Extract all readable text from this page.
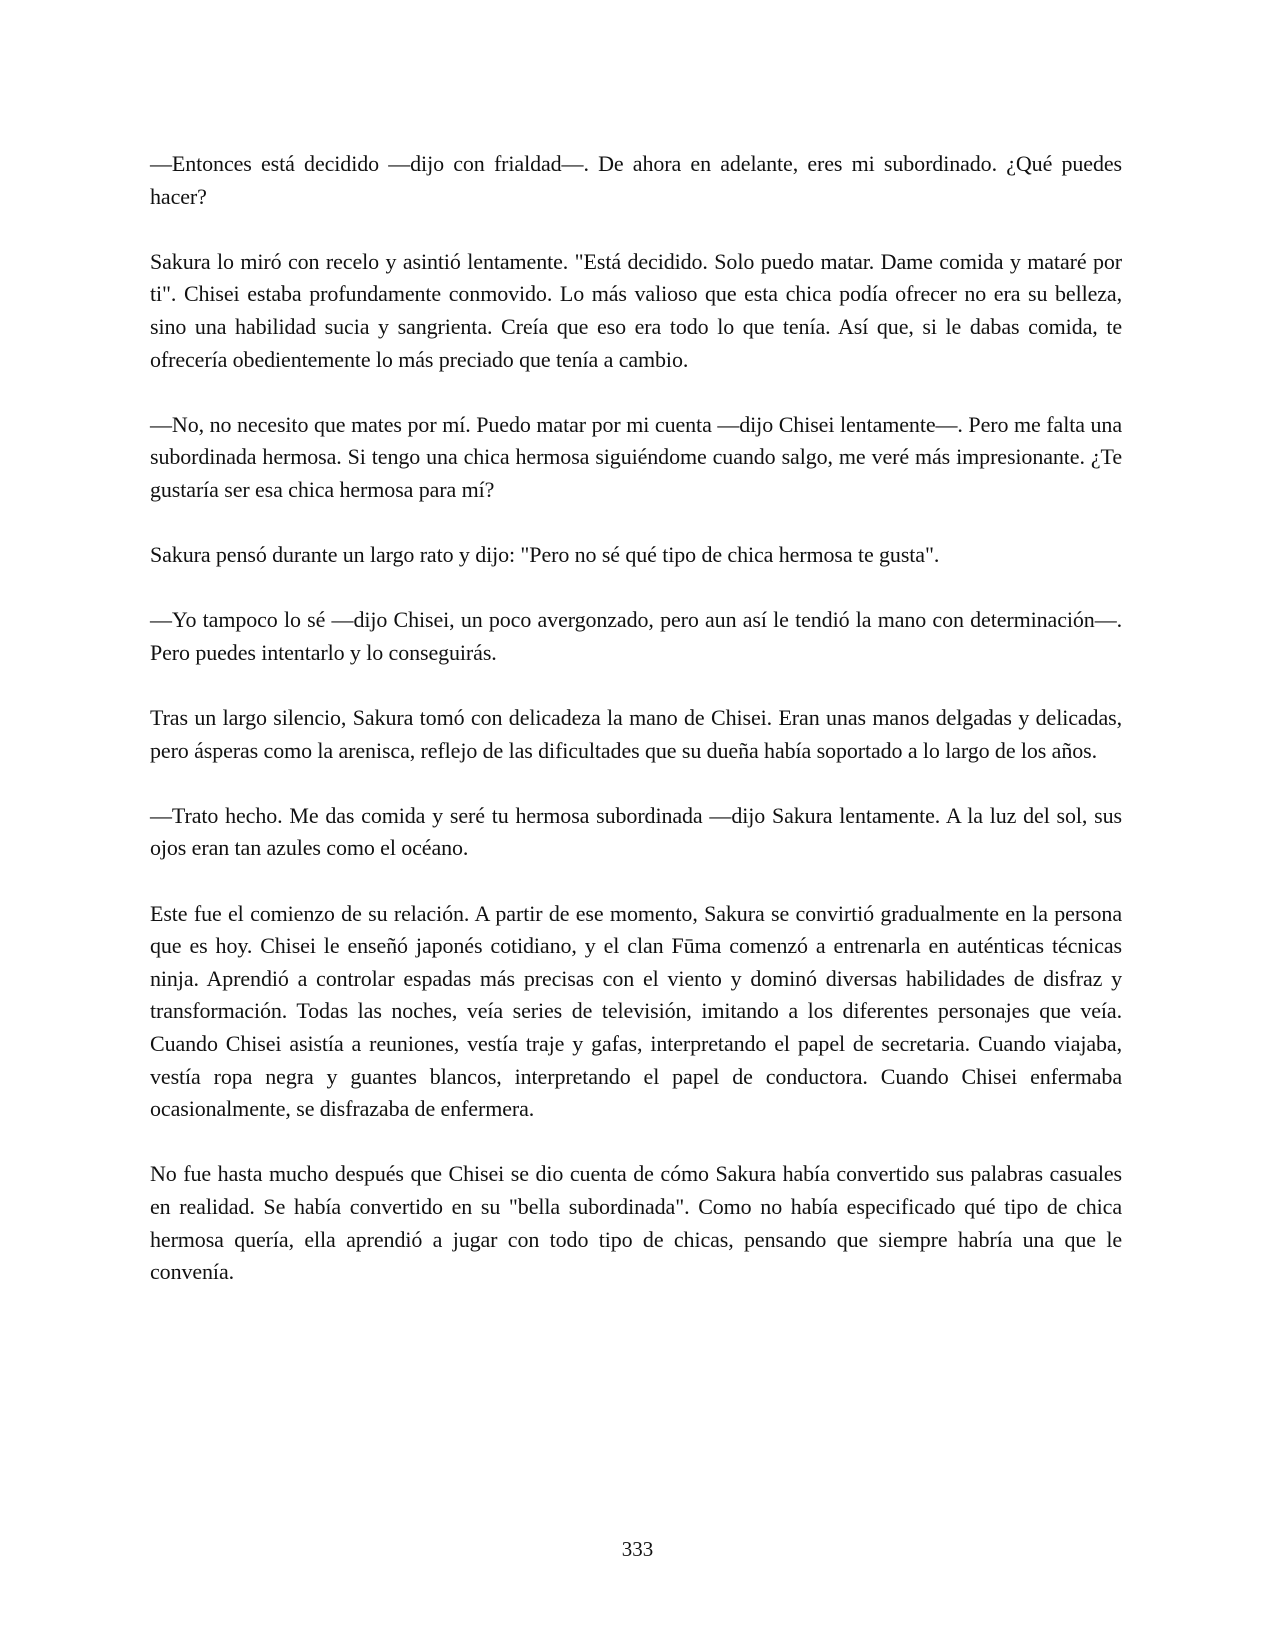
—Entonces está decidido —dijo con frialdad—. De ahora en adelante, eres mi subordinado. ¿Qué puedes hacer?

Sakura lo miró con recelo y asintió lentamente. "Está decidido. Solo puedo matar. Dame comida y mataré por ti". Chisei estaba profundamente conmovido. Lo más valioso que esta chica podía ofrecer no era su belleza, sino una habilidad sucia y sangrienta. Creía que eso era todo lo que tenía. Así que, si le dabas comida, te ofrecería obedientemente lo más preciado que tenía a cambio.

—No, no necesito que mates por mí. Puedo matar por mi cuenta —dijo Chisei lentamente—. Pero me falta una subordinada hermosa. Si tengo una chica hermosa siguiéndome cuando salgo, me veré más impresionante. ¿Te gustaría ser esa chica hermosa para mí?

Sakura pensó durante un largo rato y dijo: "Pero no sé qué tipo de chica hermosa te gusta".

—Yo tampoco lo sé —dijo Chisei, un poco avergonzado, pero aun así le tendió la mano con determinación—. Pero puedes intentarlo y lo conseguirás.

Tras un largo silencio, Sakura tomó con delicadeza la mano de Chisei. Eran unas manos delgadas y delicadas, pero ásperas como la arenisca, reflejo de las dificultades que su dueña había soportado a lo largo de los años.

—Trato hecho. Me das comida y seré tu hermosa subordinada —dijo Sakura lentamente. A la luz del sol, sus ojos eran tan azules como el océano.

Este fue el comienzo de su relación. A partir de ese momento, Sakura se convirtió gradualmente en la persona que es hoy. Chisei le enseñó japonés cotidiano, y el clan Fūma comenzó a entrenarla en auténticas técnicas ninja. Aprendió a controlar espadas más precisas con el viento y dominó diversas habilidades de disfraz y transformación. Todas las noches, veía series de televisión, imitando a los diferentes personajes que veía. Cuando Chisei asistía a reuniones, vestía traje y gafas, interpretando el papel de secretaria. Cuando viajaba, vestía ropa negra y guantes blancos, interpretando el papel de conductora. Cuando Chisei enfermaba ocasionalmente, se disfrazaba de enfermera.

No fue hasta mucho después que Chisei se dio cuenta de cómo Sakura había convertido sus palabras casuales en realidad. Se había convertido en su "bella subordinada". Como no había especificado qué tipo de chica hermosa quería, ella aprendió a jugar con todo tipo de chicas, pensando que siempre habría una que le convenía.

333
